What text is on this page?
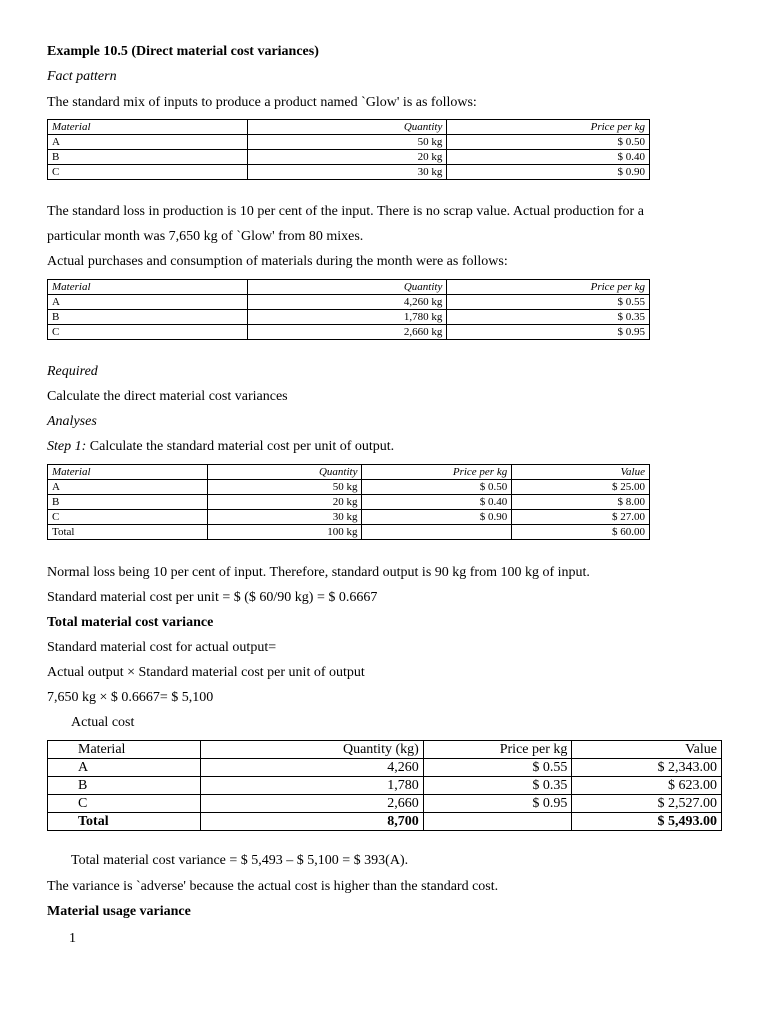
Example 10.5 (Direct material cost variances)
Fact pattern
The standard mix of inputs to produce a product named `Glow' is as follows:
Material	Quantity	Price per kg
A	50 kg	$ 0.50
B	20 kg	$ 0.40
C	30 kg	$ 0.90
The standard loss in production is 10 per cent of the input. There is no scrap value. Actual production for a
particular month was 7,650 kg of `Glow' from 80 mixes.
Actual purchases and consumption of materials during the month were as follows:
Material	Quantity	Price per kg
A	4,260 kg	$ 0.55
B	1,780 kg	$ 0.35
C	2,660 kg	$ 0.95
Required
Calculate the direct material cost variances
Analyses
Step 1: Calculate the standard material cost per unit of output.
Material	Quantity	Price per kg	Value
A	50 kg	$ 0.50	$ 25.00
B	20 kg	$ 0.40	$ 8.00
C	30 kg	$ 0.90	$ 27.00
Total	100 kg		$ 60.00
Normal loss being 10 per cent of input. Therefore, standard output is 90 kg from 100 kg of input.
Standard material cost per unit = $ ($ 60/90 kg) = $ 0.6667
Total material cost variance
Standard material cost for actual output=
Actual output × Standard material cost per unit of output
7,650 kg × $ 0.6667= $ 5,100
Actual cost
Material	Quantity (kg)	Price per kg	Value
A	4,260	$ 0.55	$ 2,343.00
B	1,780	$ 0.35	$ 623.00
C	2,660	$ 0.95	$ 2,527.00
Total	8,700		$ 5,493.00
Total material cost variance = $ 5,493 – $ 5,100 = $ 393(A).
The variance is `adverse' because the actual cost is higher than the standard cost.
Material usage variance
1
